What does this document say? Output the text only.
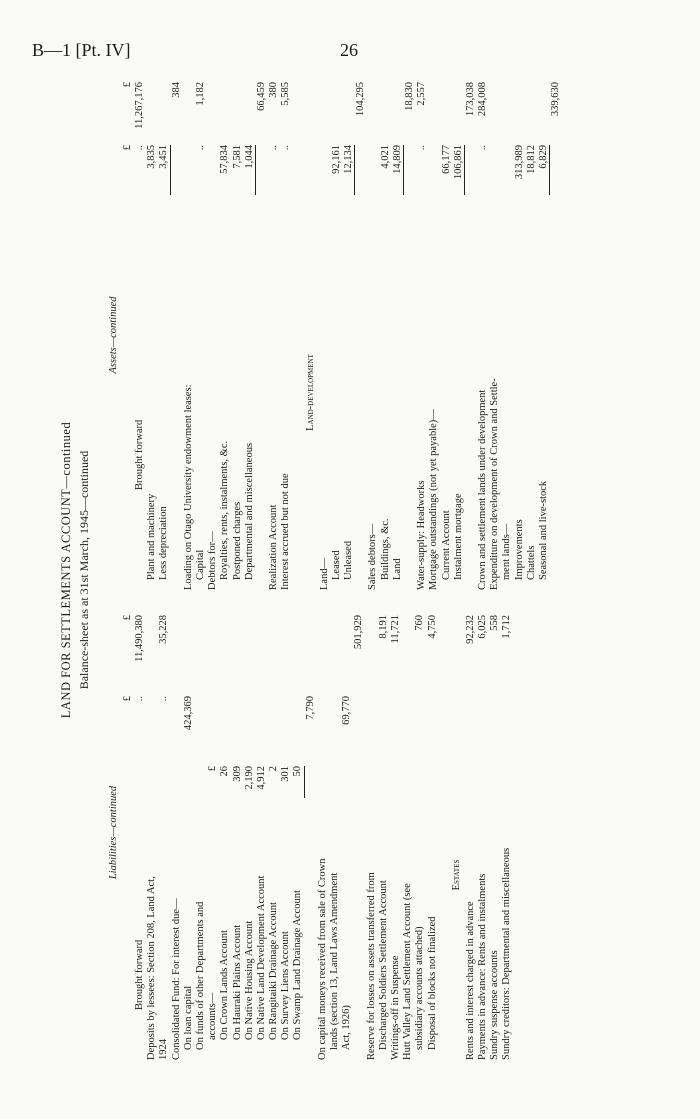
B—1 [Pt. IV]	26
LAND FOR SETTLEMENTS ACCOUNT—continued Balance-sheet as at 31st March, 1945—continued
Liabilities—continued
£
£
Brought forward
..
11,490,380
Deposits by lessees: Section 208, Land Act, 1924
..
35,228
Consolidated Fund: For interest due— On loan capital
424,369
On funds of other Departments and accounts—
£
On Crown Lands Account
26
On Hauraki Plains Account
309
On Native Housing Account
2,190
On Native Land Development Account
4,912
On Rangitaiki Drainage Account
2
On Survey Liens Account
301
On Swamp Land Drainage Account
50
7,790
On capital moneys received from sale of Crown lands (section 13, Land Laws Amendment Act, 1926)
69,770
501,929
Reserve for losses on assets transferred from Discharged Soldiers Settlement Account
8,191
Writings-off in Suspense
11,721
Hutt Valley Land Settlement Account (see subsidiary accounts attached)
760
Disposal of blocks not finalized
4,750
Estates
Rents and interest charged in advance
92,232
Payments in advance: Rents and instalments
6,025
Sundry suspense accounts
558
Sundry creditors: Departmental and miscellaneous
1,712
Assets—continued
£
£
Brought forward
..
11,267,176
Plant and machinery
3,835
Less depreciation
3,451
384
Loading on Otago University endowment leases: Capital
..
1,182
Debtors for— Royalties, rents, instalments, &c.
57,834
Postponed charges
7,581
Departmental and miscellaneous
1,044
66,459
Realization Account
..
380
Interest accrued but not due
..
5,585
Land-development
Land— Leased
92,161
Unleased
12,134
104,295
Sales debtors— Buildings, &c.
4,021
Land
14,809
18,830
Water-supply: Headworks
..
2,557
Mortgage outstandings (not yet payable)— Current Account
66,177
Instalment mortgage
106,861
173,038
Crown and settlement lands under development
..
284,008
Expenditure on development of Crown and Settle- ment lands— Improvements
313,989
Chattels
18,812
Seasonal and live-stock
6,829
339,630
